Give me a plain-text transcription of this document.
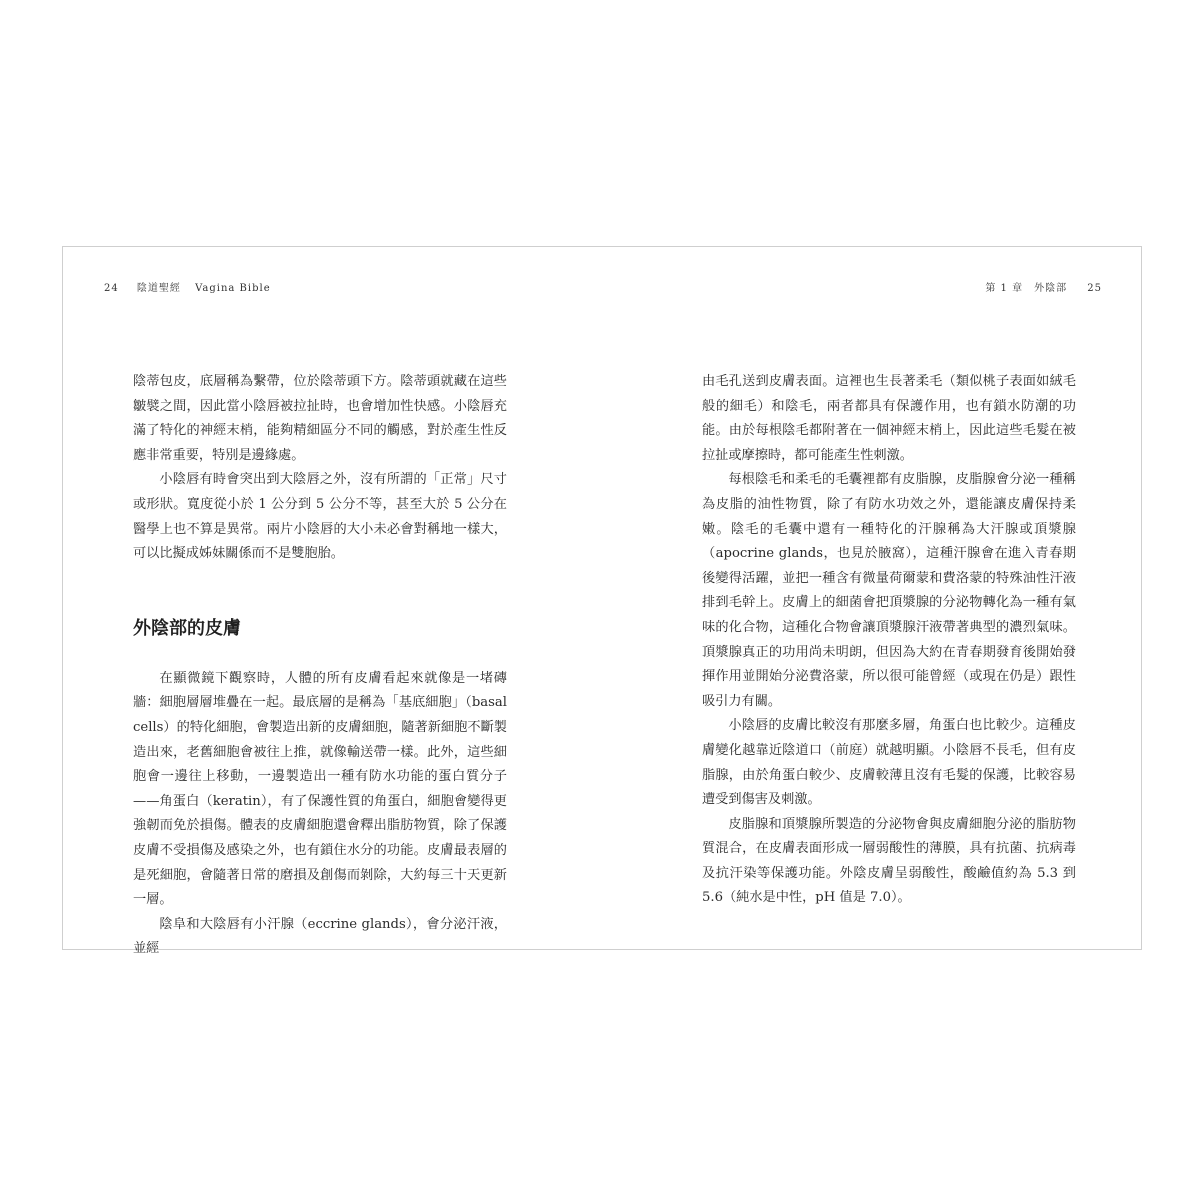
24 陰道聖經 Vagina Bible	第 1 章　外陰部 25

陰蒂包皮，底層稱為繫帶，位於陰蒂頭下方。陰蒂頭就藏在這些皺襞之間，因此當小陰唇被拉扯時，也會增加性快感。小陰唇充滿了特化的神經末梢，能夠精細區分不同的觸感，對於產生性反應非常重要，特別是邊緣處。

小陰唇有時會突出到大陰唇之外，沒有所謂的「正常」尺寸或形狀。寬度從小於 1 公分到 5 公分不等，甚至大於 5 公分在醫學上也不算是異常。兩片小陰唇的大小未必會對稱地一樣大，可以比擬成姊妹關係而不是雙胞胎。

外陰部的皮膚

在顯微鏡下觀察時，人體的所有皮膚看起來就像是一堵磚牆：細胞層層堆疊在一起。最底層的是稱為「基底細胞」（basal cells）的特化細胞，會製造出新的皮膚細胞，隨著新細胞不斷製造出來，老舊細胞會被往上推，就像輸送帶一樣。此外，這些細胞會一邊往上移動，一邊製造出一種有防水功能的蛋白質分子——角蛋白（keratin），有了保護性質的角蛋白，細胞會變得更強韌而免於損傷。體表的皮膚細胞還會釋出脂肪物質，除了保護皮膚不受損傷及感染之外，也有鎖住水分的功能。皮膚最表層的是死細胞，會隨著日常的磨損及創傷而剝除，大約每三十天更新一層。

陰阜和大陰唇有小汗腺（eccrine glands），會分泌汗液，並經

由毛孔送到皮膚表面。這裡也生長著柔毛（類似桃子表面如絨毛般的細毛）和陰毛，兩者都具有保護作用，也有鎖水防潮的功能。由於每根陰毛都附著在一個神經末梢上，因此這些毛髮在被拉扯或摩擦時，都可能產生性刺激。

每根陰毛和柔毛的毛囊裡都有皮脂腺，皮脂腺會分泌一種稱為皮脂的油性物質，除了有防水功效之外，還能讓皮膚保持柔嫩。陰毛的毛囊中還有一種特化的汗腺稱為大汗腺或頂漿腺（apocrine glands，也見於腋窩），這種汗腺會在進入青春期後變得活躍，並把一種含有微量荷爾蒙和費洛蒙的特殊油性汗液排到毛幹上。皮膚上的細菌會把頂漿腺的分泌物轉化為一種有氣味的化合物，這種化合物會讓頂漿腺汗液帶著典型的濃烈氣味。頂漿腺真正的功用尚未明朗，但因為大約在青春期發育後開始發揮作用並開始分泌費洛蒙，所以很可能曾經（或現在仍是）跟性吸引力有關。

小陰唇的皮膚比較沒有那麼多層，角蛋白也比較少。這種皮膚變化越靠近陰道口（前庭）就越明顯。小陰唇不長毛，但有皮脂腺，由於角蛋白較少、皮膚較薄且沒有毛髮的保護，比較容易遭受到傷害及刺激。

皮脂腺和頂漿腺所製造的分泌物會與皮膚細胞分泌的脂肪物質混合，在皮膚表面形成一層弱酸性的薄膜，具有抗菌、抗病毒及抗汗染等保護功能。外陰皮膚呈弱酸性，酸鹼值約為 5.3 到 5.6（純水是中性，pH 值是 7.0）。
